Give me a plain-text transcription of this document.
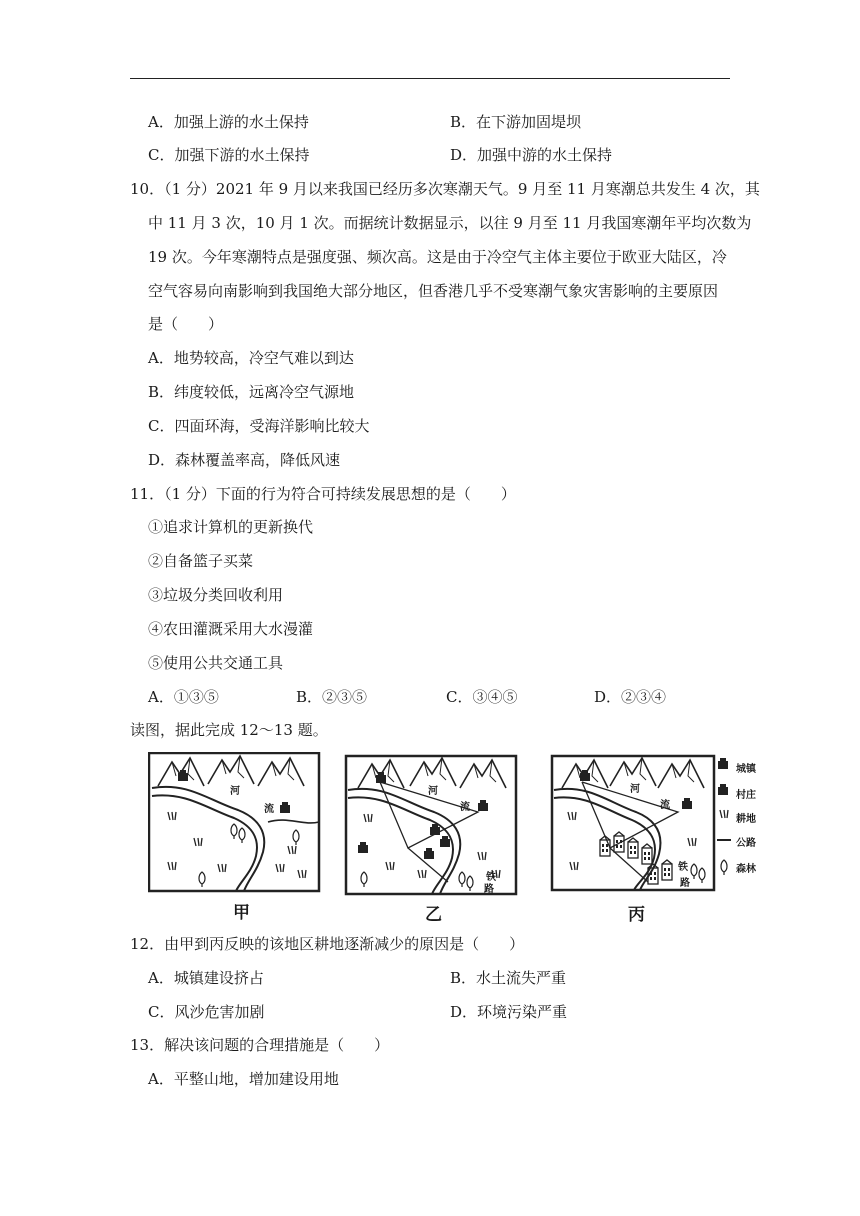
A．加强上游的水土保持	B．在下游加固堤坝
C．加强下游的水土保持	D．加强中游的水土保持
10．（1 分）2021 年 9 月以来我国已经历多次寒潮天气。9 月至 11 月寒潮总共发生 4 次，其
中 11 月 3 次，10 月 1 次。而据统计数据显示，以往 9 月至 11 月我国寒潮年平均次数为
19 次。今年寒潮特点是强度强、频次高。这是由于冷空气主体主要位于欧亚大陆区，冷
空气容易向南影响到我国绝大部分地区，但香港几乎不受寒潮气象灾害影响的主要原因
是（　　）
A．地势较高，冷空气难以到达
B．纬度较低，远离冷空气源地
C．四面环海，受海洋影响比较大
D．森林覆盖率高，降低风速
11．（1 分）下面的行为符合可持续发展思想的是（　　）
①追求计算机的更新换代
②自备篮子买菜
③垃圾分类回收利用
④农田灌溉采用大水漫灌
⑤使用公共交通工具
A．①③⑤	B．②③⑤	C．③④⑤	D．②③④
读图，据此完成 12～13 题。
甲	乙	丙
河
流
河
流
铁
路
河
流
铁
路
城镇
村庄
耕地
公路
森林
12．由甲到丙反映的该地区耕地逐渐减少的原因是（　　）
A．城镇建设挤占	B．水土流失严重
C．风沙危害加剧	D．环境污染严重
13．解决该问题的合理措施是（　　）
A．平整山地，增加建设用地
